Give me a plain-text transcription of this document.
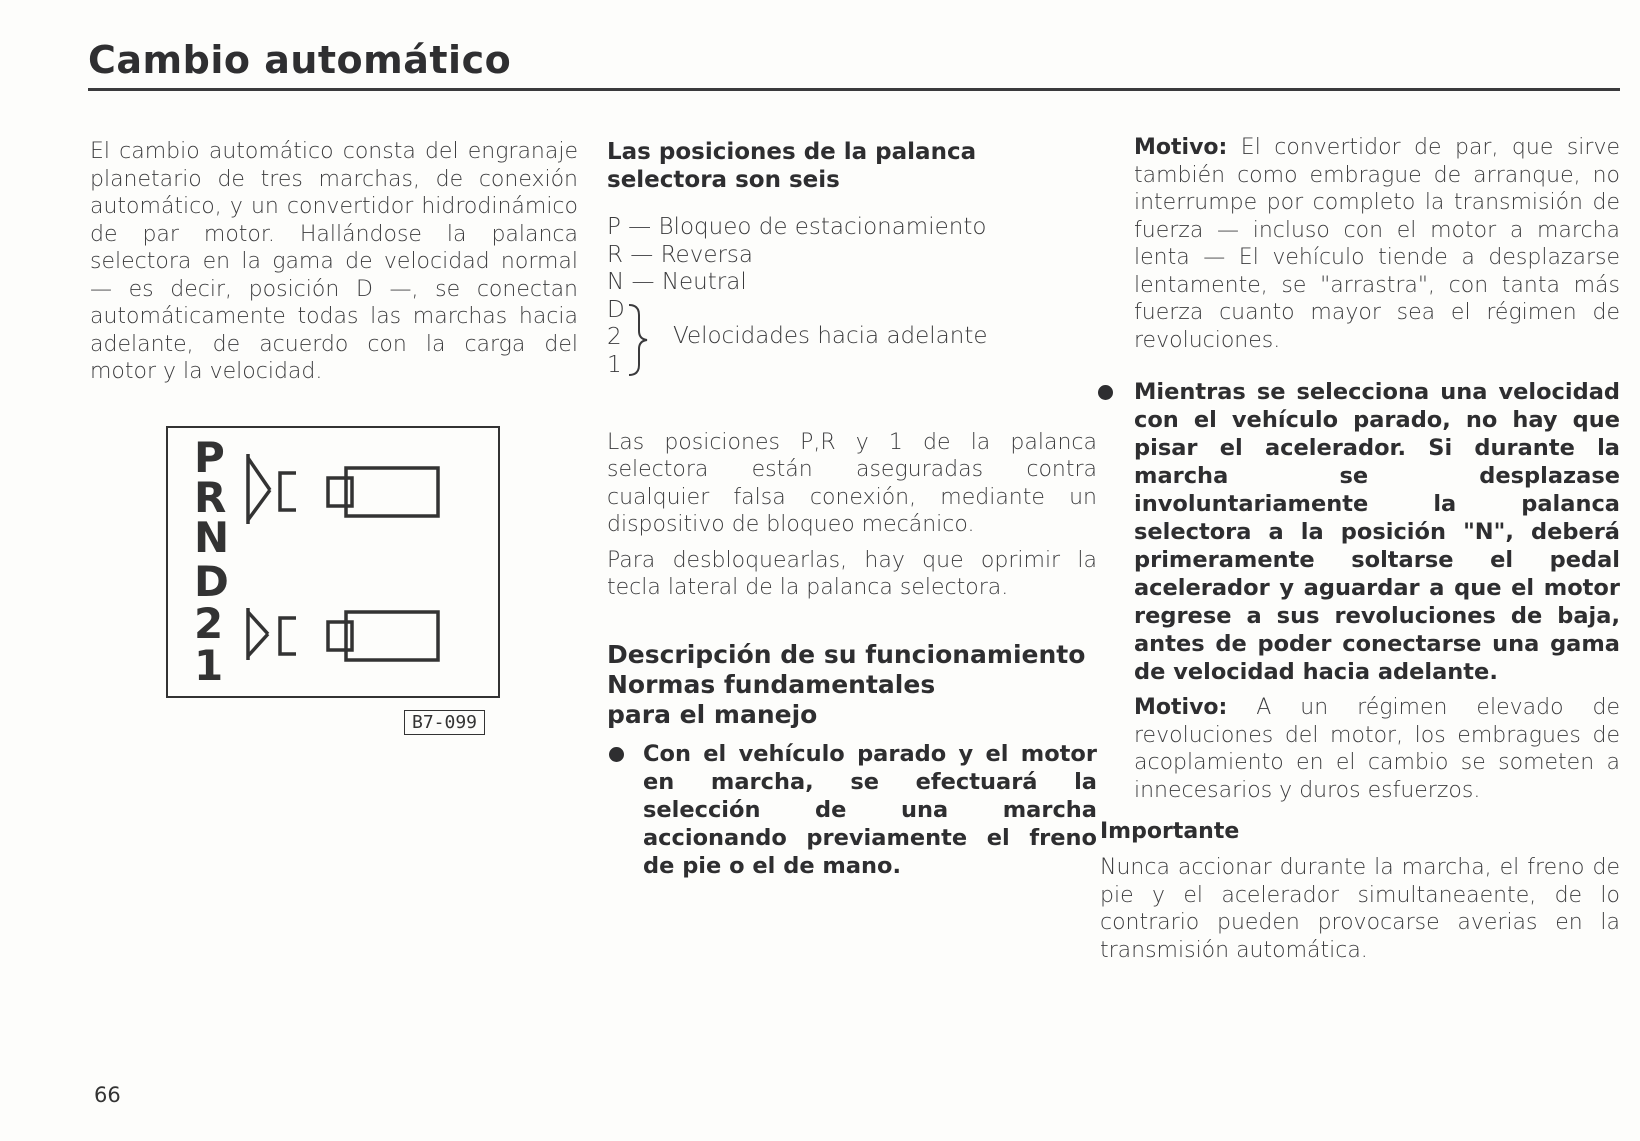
Cambio automático

El cambio automático consta del engranaje planetario de tres marchas, de conexión automático, y un convertidor hidrodinámico de par motor. Hallándose la palanca selectora en la gama de velocidad normal — es decir, posición D —, se conectan automáticamente todas las marchas hacia adelante, de acuerdo con la carga del motor y la velocidad.

P
R
N
D
2
1
B7-099
Las posiciones de la palanca selectora son seis
P — Bloqueo de estacionamiento
R — Reversa
N — Neutral
D
2
1
Velocidades hacia adelante

Las posiciones P,R y 1 de la palanca selectora están aseguradas contra cualquier falsa conexión, mediante un dispositivo de bloqueo mecánico.

Para desbloquearlas, hay que oprimir la tecla lateral de la palanca selectora.

Descripción de su funcionamiento
Normas fundamentales
para el manejo

Con el vehículo parado y el motor en marcha, se efectuará la selección de una marcha accionando previamente el freno de pie o el de mano.

Motivo: El convertidor de par, que sirve también como embrague de arranque, no interrumpe por completo la transmisión de fuerza — incluso con el motor a marcha lenta — El vehículo tiende a desplazarse lentamente, se "arrastra", con tanta más fuerza cuanto mayor sea el régimen de revoluciones.

Mientras se selecciona una velocidad con el vehículo parado, no hay que pisar el acelerador. Si durante la marcha se desplazase involuntariamente la palanca selectora a la posición "N", deberá primeramente soltarse el pedal acelerador y aguardar a que el motor regrese a sus revoluciones de baja, antes de poder conectarse una gama de velocidad hacia adelante.

Motivo: A un régimen elevado de revoluciones del motor, los embragues de acoplamiento en el cambio se someten a innecesarios y duros esfuerzos.

Importante

Nunca accionar durante la marcha, el freno de pie y el acelerador simultaneaente, de lo contrario pueden provocarse averias en la transmisión automática.

66
